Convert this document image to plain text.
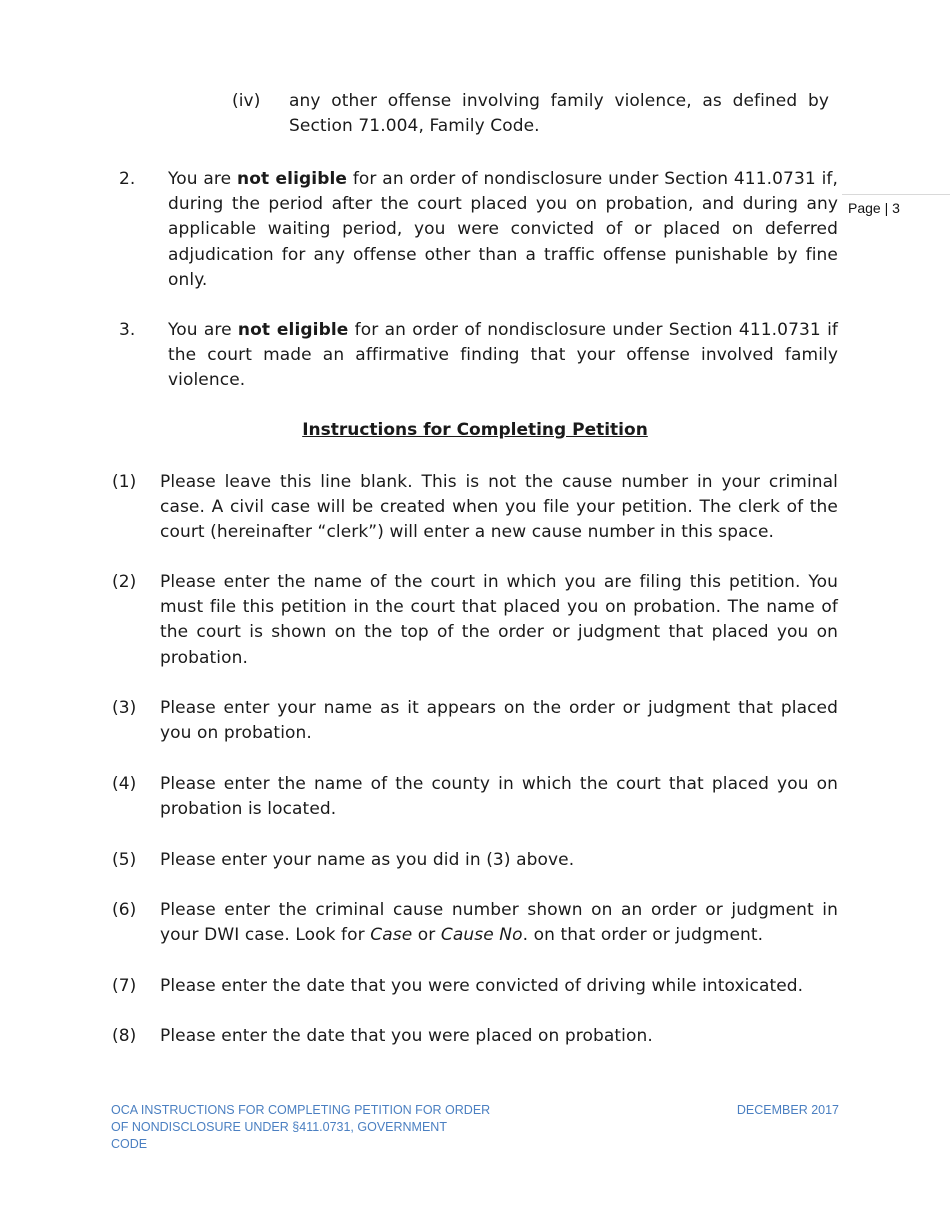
Page | 3
(iv) any other offense involving family violence, as defined by Section 71.004, Family Code.
2. You are not eligible for an order of nondisclosure under Section 411.0731 if, during the period after the court placed you on probation, and during any applicable waiting period, you were convicted of or placed on deferred adjudication for any offense other than a traffic offense punishable by fine only.
3. You are not eligible for an order of nondisclosure under Section 411.0731 if the court made an affirmative finding that your offense involved family violence.
Instructions for Completing Petition
(1) Please leave this line blank. This is not the cause number in your criminal case. A civil case will be created when you file your petition. The clerk of the court (hereinafter “clerk”) will enter a new cause number in this space.
(2) Please enter the name of the court in which you are filing this petition. You must file this petition in the court that placed you on probation. The name of the court is shown on the top of the order or judgment that placed you on probation.
(3) Please enter your name as it appears on the order or judgment that placed you on probation.
(4) Please enter the name of the county in which the court that placed you on probation is located.
(5) Please enter your name as you did in (3) above.
(6) Please enter the criminal cause number shown on an order or judgment in your DWI case. Look for Case or Cause No. on that order or judgment.
(7) Please enter the date that you were convicted of driving while intoxicated.
(8) Please enter the date that you were placed on probation.
OCA INSTRUCTIONS FOR COMPLETING PETITION FOR ORDER
OF NONDISCLOSURE UNDER §411.0731, GOVERNMENT
CODE
DECEMBER 2017
